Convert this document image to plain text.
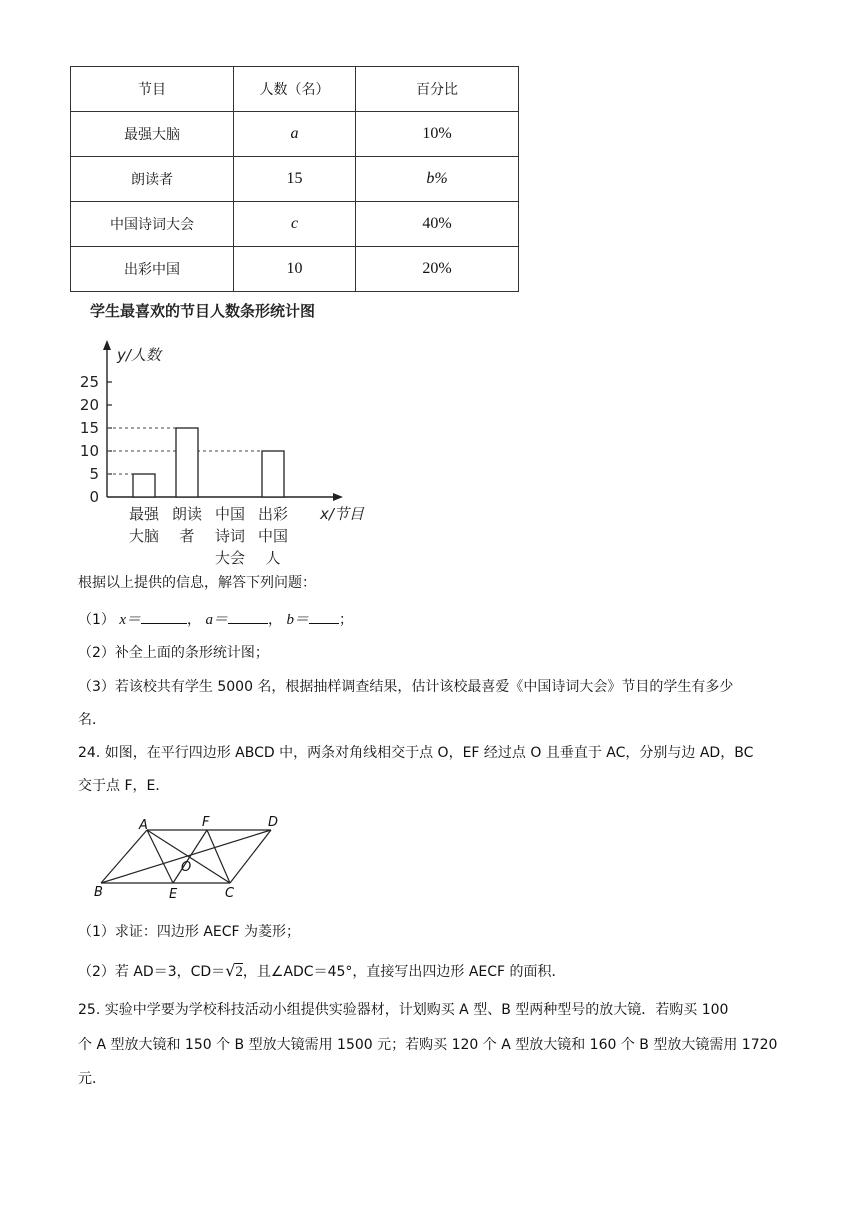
节目	人数（名）	百分比
最强大脑	a	10%
朗读者	15	b%
中国诗词大会	c	40%
出彩中国	10	20%
学生最喜欢的节目人数条形统计图
0
5
10
15
20
25
最强
大脑
朗读
者
中国
诗词
大会
出彩
中国
人
y/人数
x/节目
根据以上提供的信息，解答下列问题：
（1） x＝	， a＝	， b＝ ；
（2）补全上面的条形统计图；
（3）若该校共有学生 5000 名，根据抽样调查结果，估计该校最喜爱《中国诗词大会》节目的学生有多少
名．
24. 如图，在平行四边形 ABCD 中，两条对角线相交于点 O，EF 经过点 O 且垂直于 AC，分别与边 AD，BC
交于点 F，E．
A	F	D
O
B	E	C
（1）求证：四边形 AECF 为菱形；
（2）若 AD＝3，CD＝√2，且∠ADC＝45°，直接写出四边形 AECF 的面积．
25. 实验中学要为学校科技活动小组提供实验器材，计划购买 A 型、B 型两种型号的放大镜．若购买 100
个 A 型放大镜和 150 个 B 型放大镜需用 1500 元；若购买 120 个 A 型放大镜和 160 个 B 型放大镜需用 1720
元．
